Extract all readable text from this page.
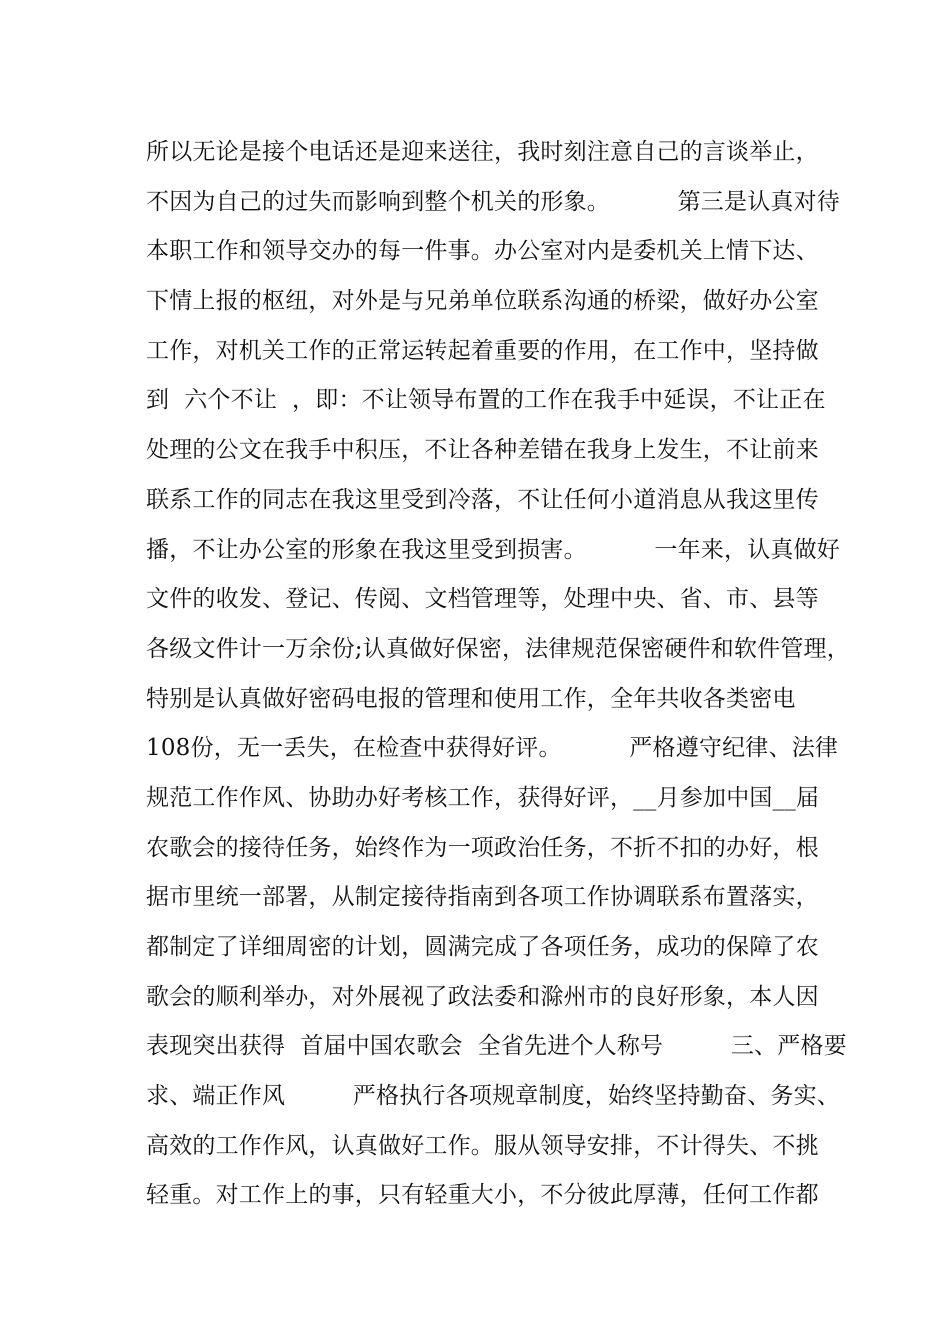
所以无论是接个电话还是迎来送往，我时刻注意自己的言谈举止，
不因为自己的过失而影响到整个机关的形象。         第三是认真对待
本职工作和领导交办的每一件事。办公室对内是委机关上情下达、
下情上报的枢纽，对外是与兄弟单位联系沟通的桥梁，做好办公室
工作，对机关工作的正常运转起着重要的作用，在工作中，坚持做
到  六个不让  ，即：不让领导布置的工作在我手中延误，不让正在
处理的公文在我手中积压，不让各种差错在我身上发生，不让前来
联系工作的同志在我这里受到冷落，不让任何小道消息从我这里传
播，不让办公室的形象在我这里受到损害。         一年来，认真做好
文件的收发、登记、传阅、文档管理等，处理中央、省、市、县等
各级文件计一万余份;认真做好保密，法律规范保密硬件和软件管理，
特别是认真做好密码电报的管理和使用工作，全年共收各类密电
108份，无一丢失，在检查中获得好评。         严格遵守纪律、法律
规范工作作风、协助办好考核工作，获得好评，__月参加中国__届
农歌会的接待任务，始终作为一项政治任务，不折不扣的办好，根
据市里统一部署，从制定接待指南到各项工作协调联系布置落实，
都制定了详细周密的计划，圆满完成了各项任务，成功的保障了农
歌会的顺利举办，对外展视了政法委和滁州市的良好形象，本人因
表现突出获得  首届中国农歌会  全省先进个人称号         三、严格要
求、端正作风         严格执行各项规章制度，始终坚持勤奋、务实、
高效的工作作风，认真做好工作。服从领导安排，不计得失、不挑
轻重。对工作上的事，只有轻重大小，不分彼此厚薄，任何工作都
